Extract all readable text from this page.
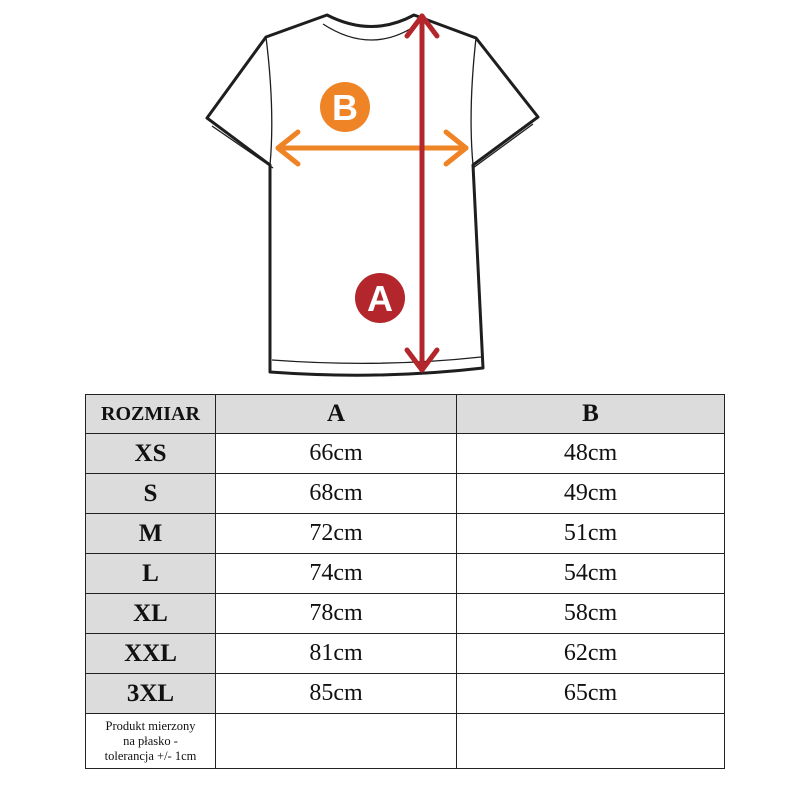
B
A
ROZMIAR	A	B
XS	66cm	48cm
S	68cm	49cm
M	72cm	51cm
L	74cm	54cm
XL	78cm	58cm
XXL	81cm	62cm
3XL	85cm	65cm

Produkt mierzony
na płasko -
tolerancja +/- 1cm		
